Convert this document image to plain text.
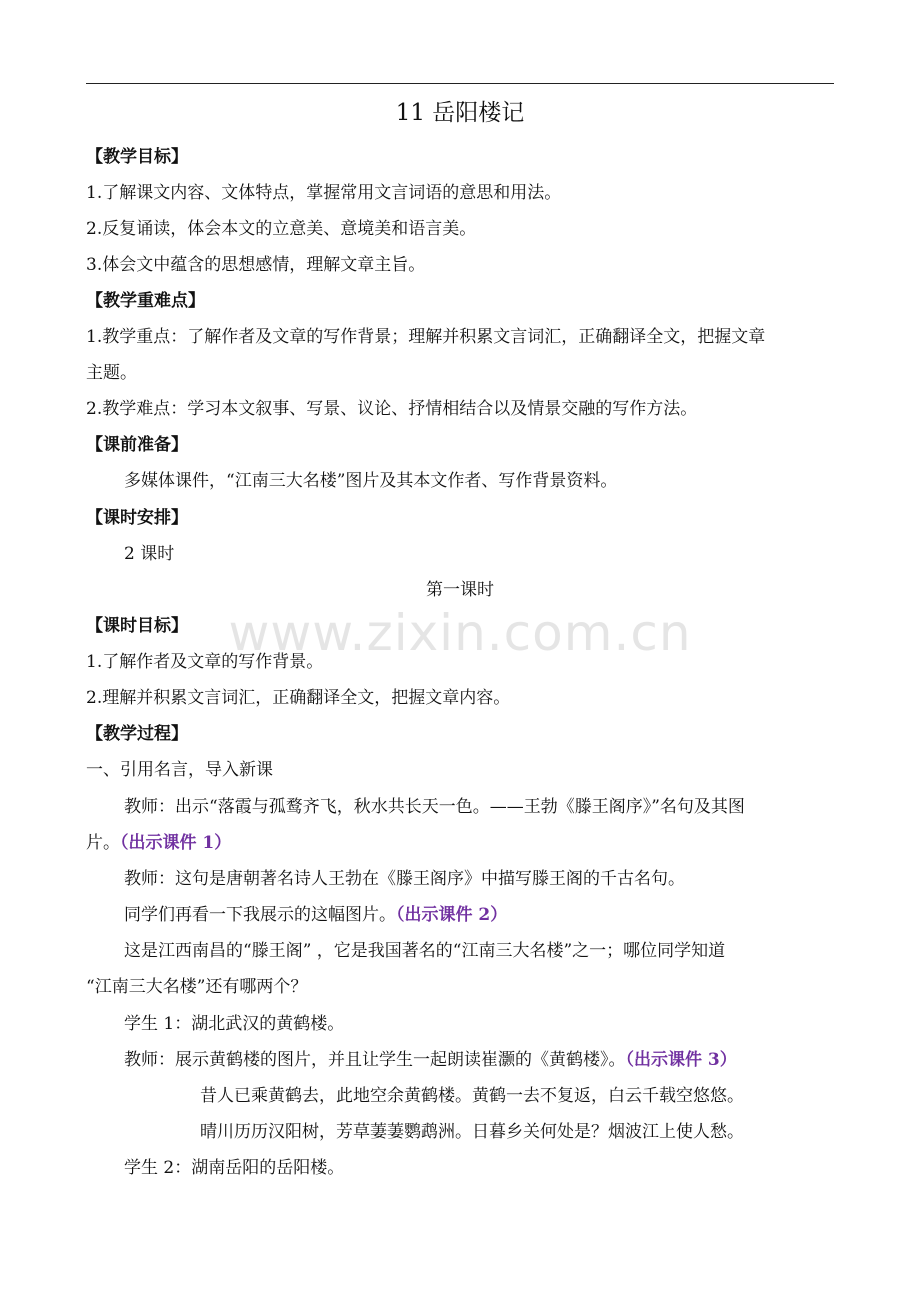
11 岳阳楼记
【教学目标】
1.了解课文内容、文体特点，掌握常用文言词语的意思和用法。
2.反复诵读，体会本文的立意美、意境美和语言美。
3.体会文中蕴含的思想感情，理解文章主旨。
【教学重难点】
1.教学重点：了解作者及文章的写作背景；理解并积累文言词汇，正确翻译全文，把握文章
主题。
2.教学难点：学习本文叙事、写景、议论、抒情相结合以及情景交融的写作方法。
【课前准备】
多媒体课件，“江南三大名楼”图片及其本文作者、写作背景资料。
【课时安排】
2 课时
第一课时
www.zixin.com.cn
【课时目标】
1.了解作者及文章的写作背景。
2.理解并积累文言词汇，正确翻译全文，把握文章内容。
【教学过程】
一、引用名言，导入新课
教师：出示“落霞与孤鹜齐飞，秋水共长天一色。——王勃《滕王阁序》”名句及其图
片。（出示课件 1）
教师：这句是唐朝著名诗人王勃在《滕王阁序》中描写滕王阁的千古名句。
同学们再看一下我展示的这幅图片。（出示课件 2）
这是江西南昌的“滕王阁” ，它是我国著名的“江南三大名楼”之一；哪位同学知道
“江南三大名楼”还有哪两个？
学生 1：湖北武汉的黄鹤楼。
教师：展示黄鹤楼的图片，并且让学生一起朗读崔灏的《黄鹤楼》。（出示课件 3）
昔人已乘黄鹤去，此地空余黄鹤楼。黄鹤一去不复返，白云千载空悠悠。
晴川历历汉阳树，芳草萋萋鹦鹉洲。日暮乡关何处是？烟波江上使人愁。
学生 2：湖南岳阳的岳阳楼。
